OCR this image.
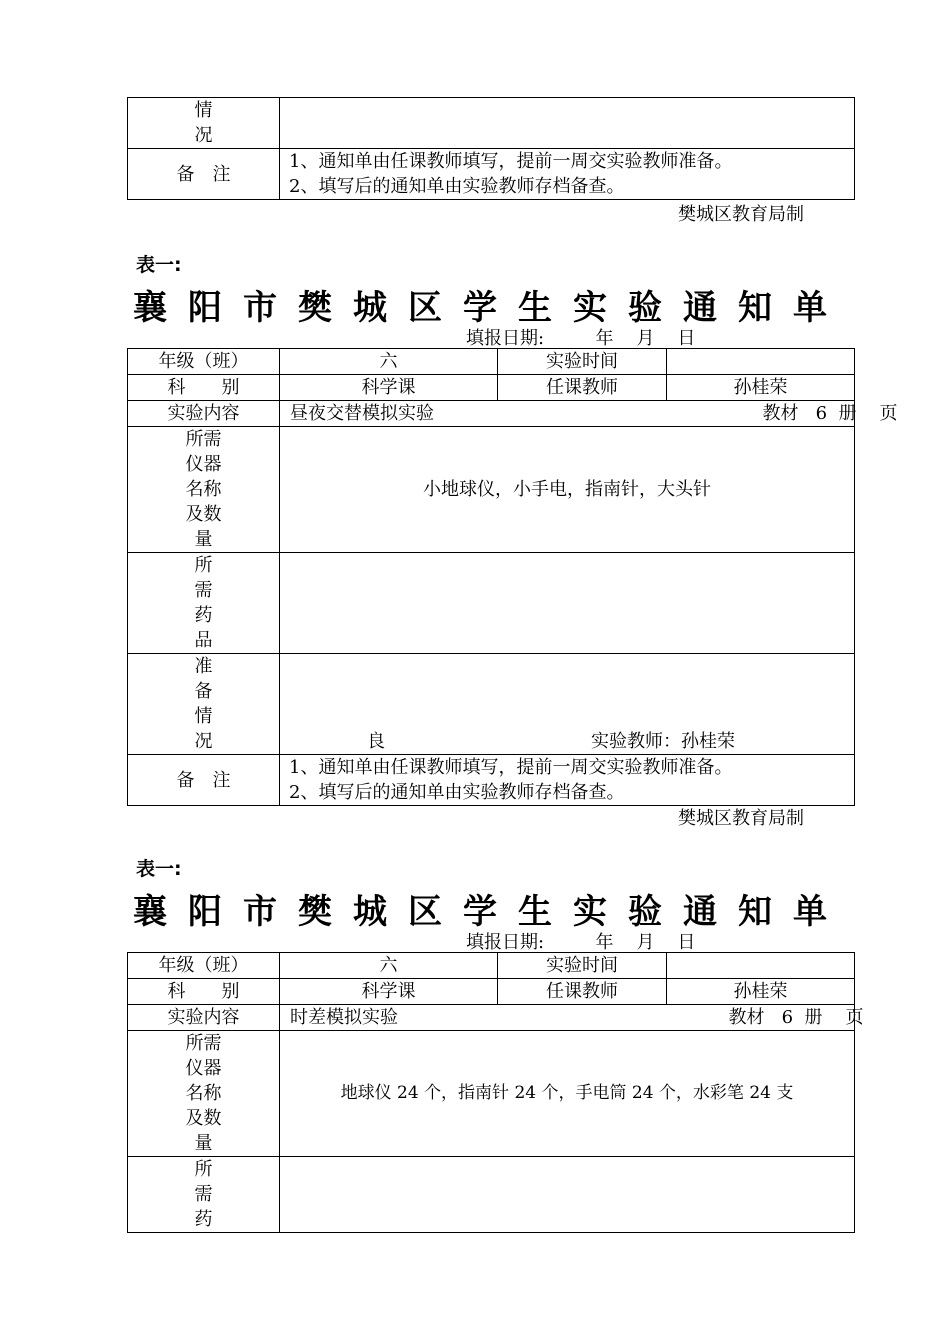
情
况	

备　注	1、通知单由任课教师填写，提前一周交实验教师准备。
2、填写后的通知单由实验教师存档备查。
樊城区教育局制
表一:
襄阳市樊城区学生实验通知单
填报日期:         年    月    日
年级（班）	六	实验时间	
科　　别	科学课	任课教师	孙桂荣
实验内容	昼夜交替模拟实验 教材   6  册    页		

所需
仪器
名称
及数
量	小地球仪，小手电，指南针，大头针		

所
需
药
品			

准
备
情
况	良 实验教师：孙桂荣		

备　注	1、通知单由任课教师填写，提前一周交实验教师准备。
2、填写后的通知单由实验教师存档备查。		
樊城区教育局制
表一:
襄阳市樊城区学生实验通知单
填报日期:         年    月    日
年级（班）	六	实验时间	
科　　别	科学课	任课教师	孙桂荣
实验内容	时差模拟实验 教材   6  册    页		

所需
仪器
名称
及数
量	地球仪 24 个，指南针 24 个，手电筒 24 个，水彩笔 24 支		

所
需
药			
